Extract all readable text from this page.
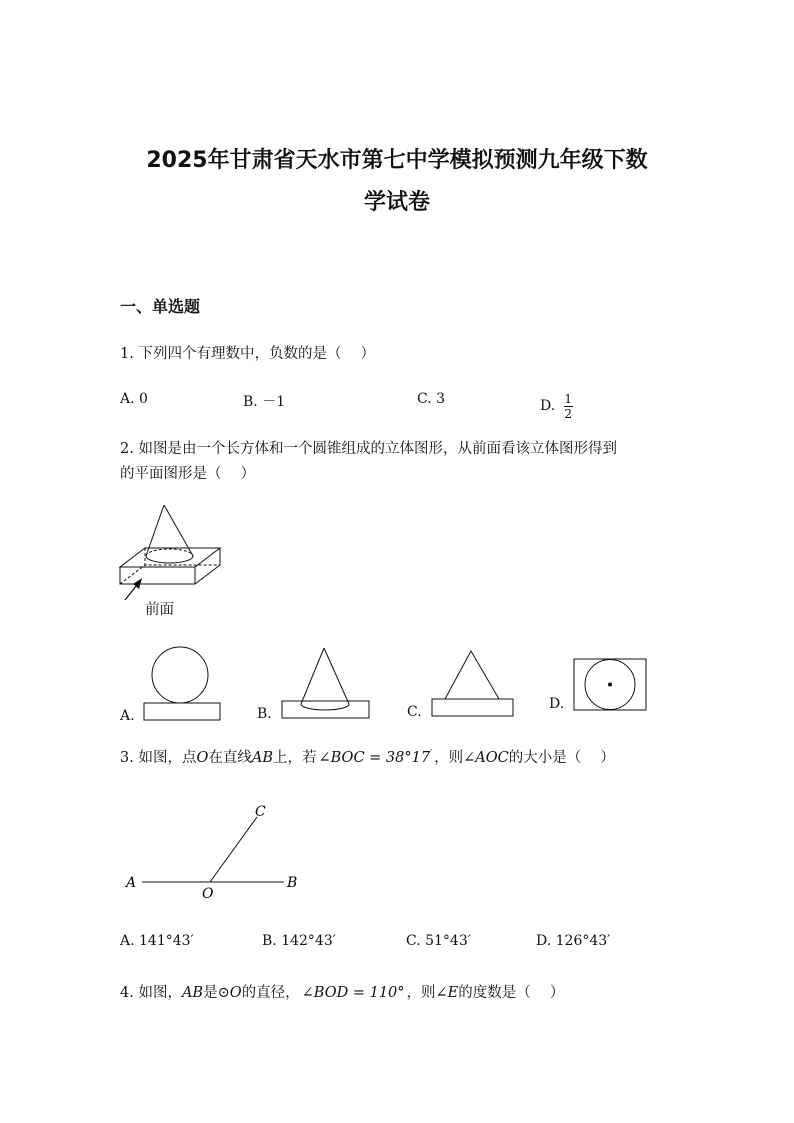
2025年甘肃省天水市第七中学模拟预测九年级下数
学试卷
一、单选题
1. 下列四个有理数中，负数的是（　 ）
A. 0	B. －1	C. 3	D. $\frac{1}{2}$
2. 如图是由一个长方体和一个圆锥组成的立体图形，从前面看该立体图形得到
的平面图形是（　 ）
前面
A.	B.	C.	D.
3. 如图，点O在直线AB上，若 ∠BOC = 38°17′ ，则∠AOC的大小是（　 ）
A	B
C
O
A. 141°43′	B. 142°43′	C. 51°43′	D. 126°43′
4. 如图，AB是⊙O的直径， ∠BOD = 110° ，则∠E的度数是（　 ）
